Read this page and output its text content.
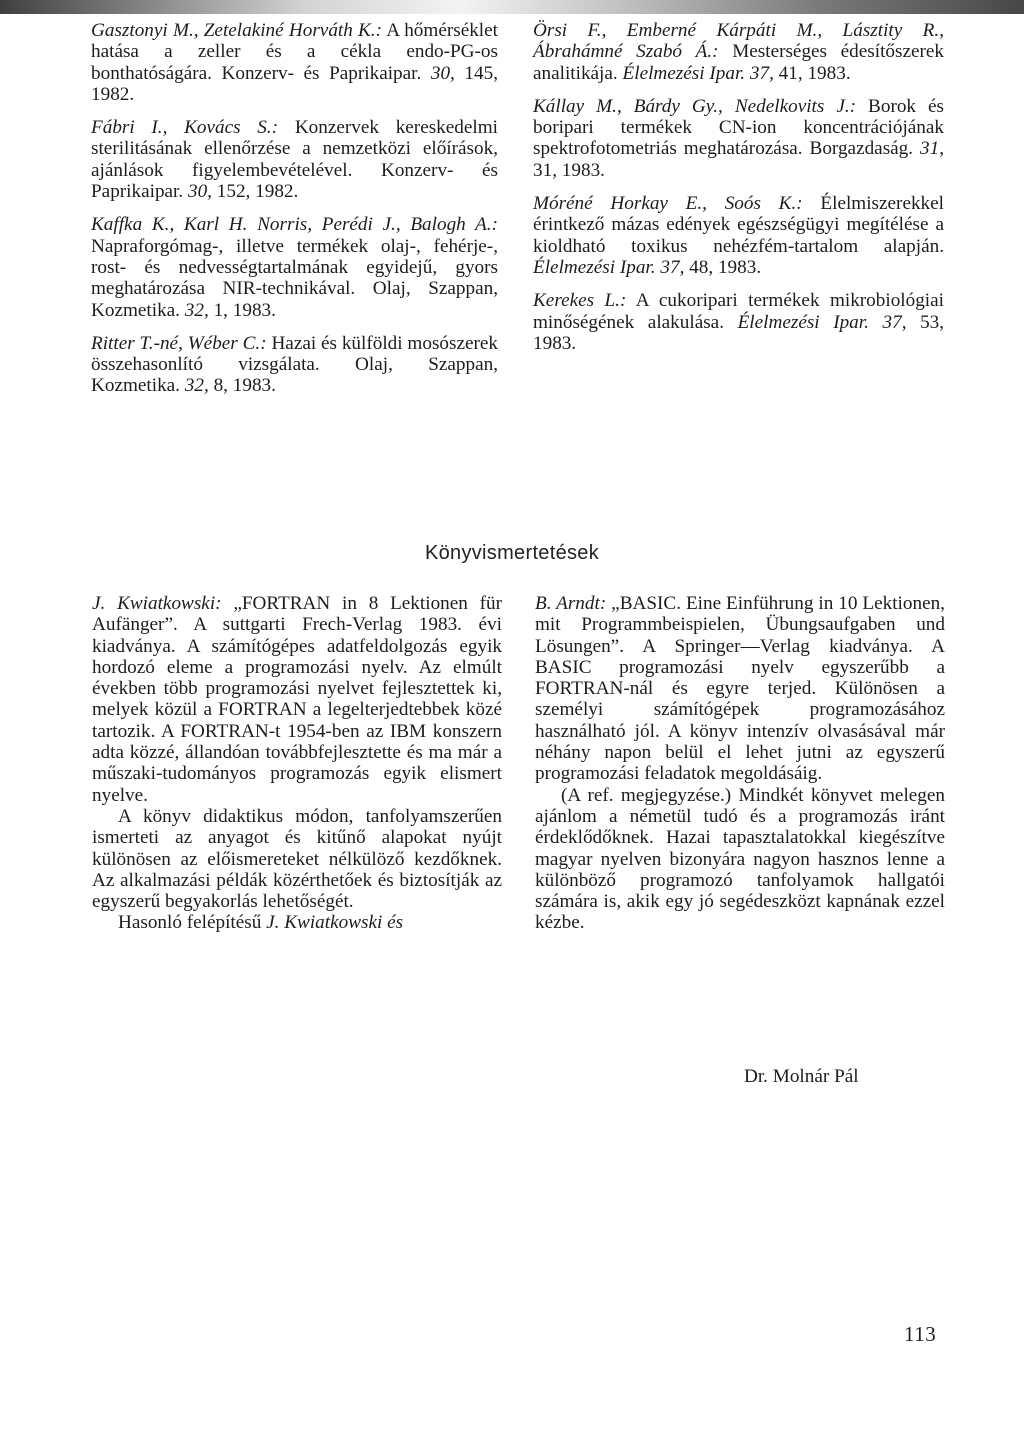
Gasztonyi M., Zetelakiné Horváth K.: A hőmérséklet hatása a zeller és a cékla endo-PG-os bonthatóságára. Konzerv- és Paprikaipar. 30, 145, 1982.

Fábri I., Kovács S.: Konzervek kereskedelmi sterilitásának ellenőrzése a nemzetközi előírások, ajánlások figyelembevételével. Konzerv- és Paprikaipar. 30, 152, 1982.

Kaffka K., Karl H. Norris, Perédi J., Balogh A.: Napraforgómag-, illetve termékek olaj-, fehérje-, rost- és nedvességtartalmának egyidejű, gyors meghatározása NIR-technikával. Olaj, Szappan, Kozmetika. 32, 1, 1983.

Ritter T.-né, Wéber C.: Hazai és külföldi mosószerek összehasonlító vizsgálata. Olaj, Szappan, Kozmetika. 32, 8, 1983.

Örsi F., Emberné Kárpáti M., Lásztity R., Ábrahámné Szabó Á.: Mesterséges édesítőszerek analitikája. Élelmezési Ipar. 37, 41, 1983.

Kállay M., Bárdy Gy., Nedelkovits J.: Borok és boripari termékek CN-ion koncentrációjának spektrofotometriás meghatározása. Borgazdaság. 31, 31, 1983.

Móréné Horkay E., Soós K.: Élelmiszerekkel érintkező mázas edények egészségügyi megítélése a kioldható toxikus nehézfém-tartalom alapján. Élelmezési Ipar. 37, 48, 1983.

Kerekes L.: A cukoripari termékek mikrobiológiai minőségének alakulása. Élelmezési Ipar. 37, 53, 1983.

Könyvismertetések

J. Kwiatkowski: „FORTRAN in 8 Lektionen für Aufänger”. A suttgarti Frech-Verlag 1983. évi kiadványa. A számítógépes adatfeldolgozás egyik hordozó eleme a programozási nyelv. Az elmúlt években több programozási nyelvet fejlesztettek ki, melyek közül a FORTRAN a legelterjedtebbek közé tartozik. A FORTRAN-t 1954-ben az IBM konszern adta közzé, állandóan továbbfejlesztette és ma már a műszaki-tudományos programozás egyik elismert nyelve.

A könyv didaktikus módon, tanfolyamszerűen ismerteti az anyagot és kitűnő alapokat nyújt különösen az előismereteket nélkülöző kezdőknek. Az alkalmazási példák közérthetőek és biztosítják az egyszerű begyakorlás lehetőségét.

Hasonló felépítésű J. Kwiatkowski és

B. Arndt: „BASIC. Eine Einführung in 10 Lektionen, mit Programmbeispielen, Übungsaufgaben und Lösungen”. A Springer—Verlag kiadványa. A BASIC programozási nyelv egyszerűbb a FORTRAN-nál és egyre terjed. Különösen a személyi számítógépek programozásához használható jól. A könyv intenzív olvasásával már néhány napon belül el lehet jutni az egyszerű programozási feladatok megoldásáig.

(A ref. megjegyzése.) Mindkét könyvet melegen ajánlom a németül tudó és a programozás iránt érdeklődőknek. Hazai tapasztalatokkal kiegészítve magyar nyelven bizonyára nagyon hasznos lenne a különböző programozó tanfolyamok hallgatói számára is, akik egy jó segédeszközt kapnának ezzel kézbe.

Dr. Molnár Pál
113
